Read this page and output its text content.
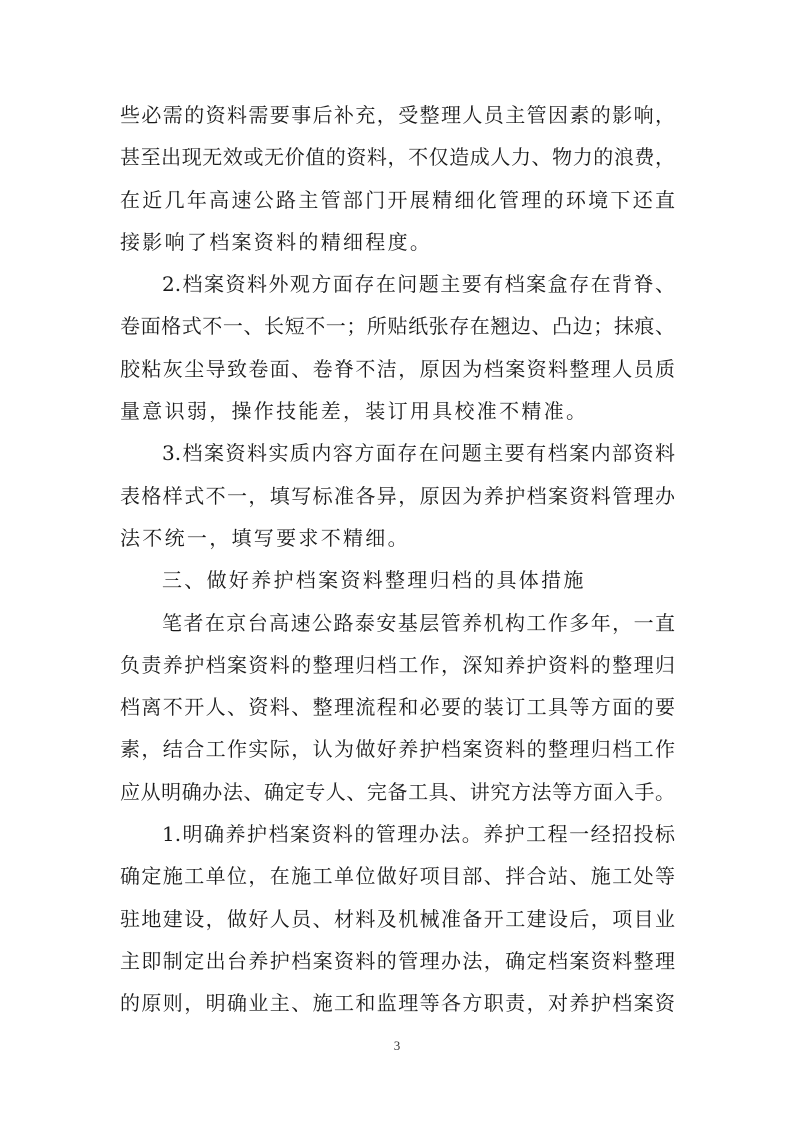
些必需的资料需要事后补充，受整理人员主管因素的影响，
甚至出现无效或无价值的资料，不仅造成人力、物力的浪费，
在近几年高速公路主管部门开展精细化管理的环境下还直
接影响了档案资料的精细程度。
2.档案资料外观方面存在问题主要有档案盒存在背脊、
卷面格式不一、长短不一；所贴纸张存在翘边、凸边；抹痕、
胶粘灰尘导致卷面、卷脊不洁，原因为档案资料整理人员质
量意识弱，操作技能差，装订用具校准不精准。
3.档案资料实质内容方面存在问题主要有档案内部资料
表格样式不一，填写标准各异，原因为养护档案资料管理办
法不统一，填写要求不精细。
三、做好养护档案资料整理归档的具体措施
笔者在京台高速公路泰安基层管养机构工作多年，一直
负责养护档案资料的整理归档工作，深知养护资料的整理归
档离不开人、资料、整理流程和必要的装订工具等方面的要
素，结合工作实际，认为做好养护档案资料的整理归档工作
应从明确办法、确定专人、完备工具、讲究方法等方面入手。
1.明确养护档案资料的管理办法。养护工程一经招投标
确定施工单位，在施工单位做好项目部、拌合站、施工处等
驻地建设，做好人员、材料及机械准备开工建设后，项目业
主即制定出台养护档案资料的管理办法，确定档案资料整理
的原则，明确业主、施工和监理等各方职责，对养护档案资
3
